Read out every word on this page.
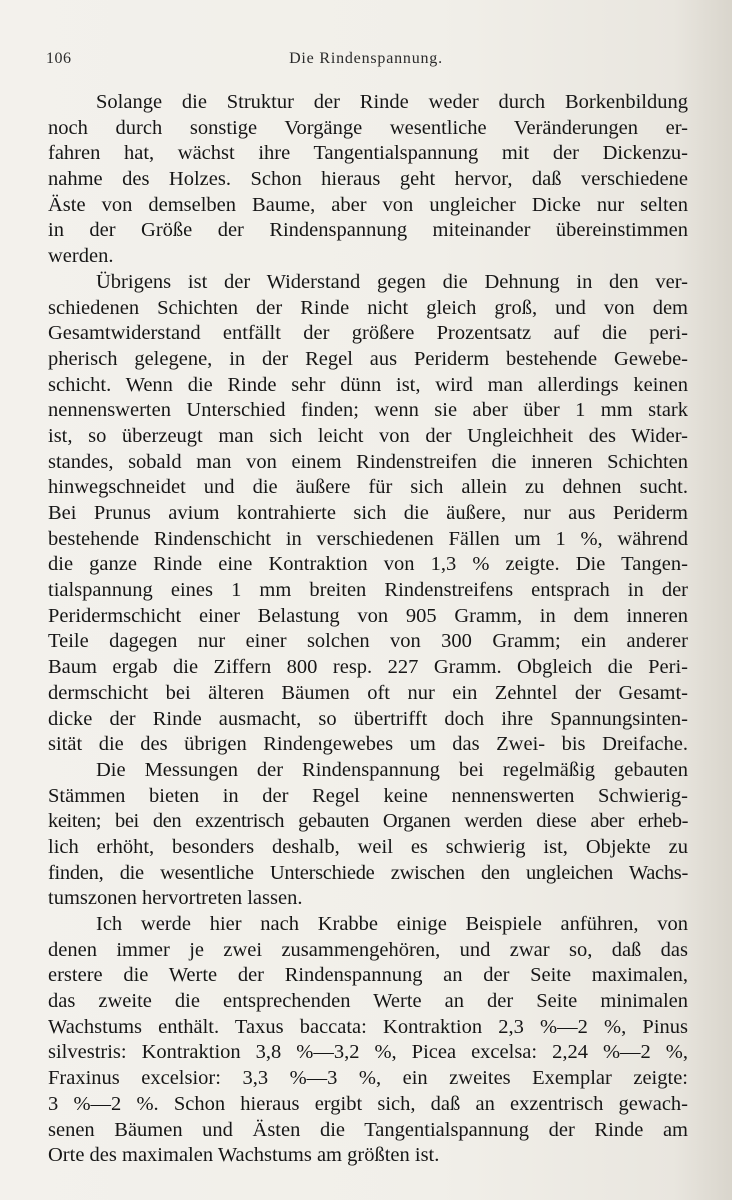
106	Die Rindenspannung.
Solange die Struktur der Rinde weder durch Borkenbildung
noch durch sonstige Vorgänge wesentliche Veränderungen er-
fahren hat, wächst ihre Tangentialspannung mit der Dickenzu-
nahme des Holzes. Schon hieraus geht hervor, daß verschiedene
Äste von demselben Baume, aber von ungleicher Dicke nur selten
in der Größe der Rindenspannung miteinander übereinstimmen
werden.
Übrigens ist der Widerstand gegen die Dehnung in den ver-
schiedenen Schichten der Rinde nicht gleich groß, und von dem
Gesamtwiderstand entfällt der größere Prozentsatz auf die peri-
pherisch gelegene, in der Regel aus Periderm bestehende Gewebe-
schicht. Wenn die Rinde sehr dünn ist, wird man allerdings keinen
nennenswerten Unterschied finden; wenn sie aber über 1 mm stark
ist, so überzeugt man sich leicht von der Ungleichheit des Wider-
standes, sobald man von einem Rindenstreifen die inneren Schichten
hinwegschneidet und die äußere für sich allein zu dehnen sucht.
Bei Prunus avium kontrahierte sich die äußere, nur aus Periderm
bestehende Rindenschicht in verschiedenen Fällen um 1 %, während
die ganze Rinde eine Kontraktion von 1,3 % zeigte. Die Tangen-
tialspannung eines 1 mm breiten Rindenstreifens entsprach in der
Peridermschicht einer Belastung von 905 Gramm, in dem inneren
Teile dagegen nur einer solchen von 300 Gramm; ein anderer
Baum ergab die Ziffern 800 resp. 227 Gramm. Obgleich die Peri-
dermschicht bei älteren Bäumen oft nur ein Zehntel der Gesamt-
dicke der Rinde ausmacht, so übertrifft doch ihre Spannungsinten-
sität die des übrigen Rindengewebes um das Zwei- bis Dreifache.
Die Messungen der Rindenspannung bei regelmäßig gebauten
Stämmen bieten in der Regel keine nennenswerten Schwierig-
keiten; bei den exzentrisch gebauten Organen werden diese aber erheb-
lich erhöht, besonders deshalb, weil es schwierig ist, Objekte zu
finden, die wesentliche Unterschiede zwischen den ungleichen Wachs-
tumszonen hervortreten lassen.
Ich werde hier nach Krabbe einige Beispiele anführen, von
denen immer je zwei zusammengehören, und zwar so, daß das
erstere die Werte der Rindenspannung an der Seite maximalen,
das zweite die entsprechenden Werte an der Seite minimalen
Wachstums enthält. Taxus baccata: Kontraktion 2,3 %—2 %, Pinus
silvestris: Kontraktion 3,8 %—3,2 %, Picea excelsa: 2,24 %—2 %,
Fraxinus excelsior: 3,3 %—3 %, ein zweites Exemplar zeigte:
3 %—2 %. Schon hieraus ergibt sich, daß an exzentrisch gewach-
senen Bäumen und Ästen die Tangentialspannung der Rinde am
Orte des maximalen Wachstums am größten ist.
